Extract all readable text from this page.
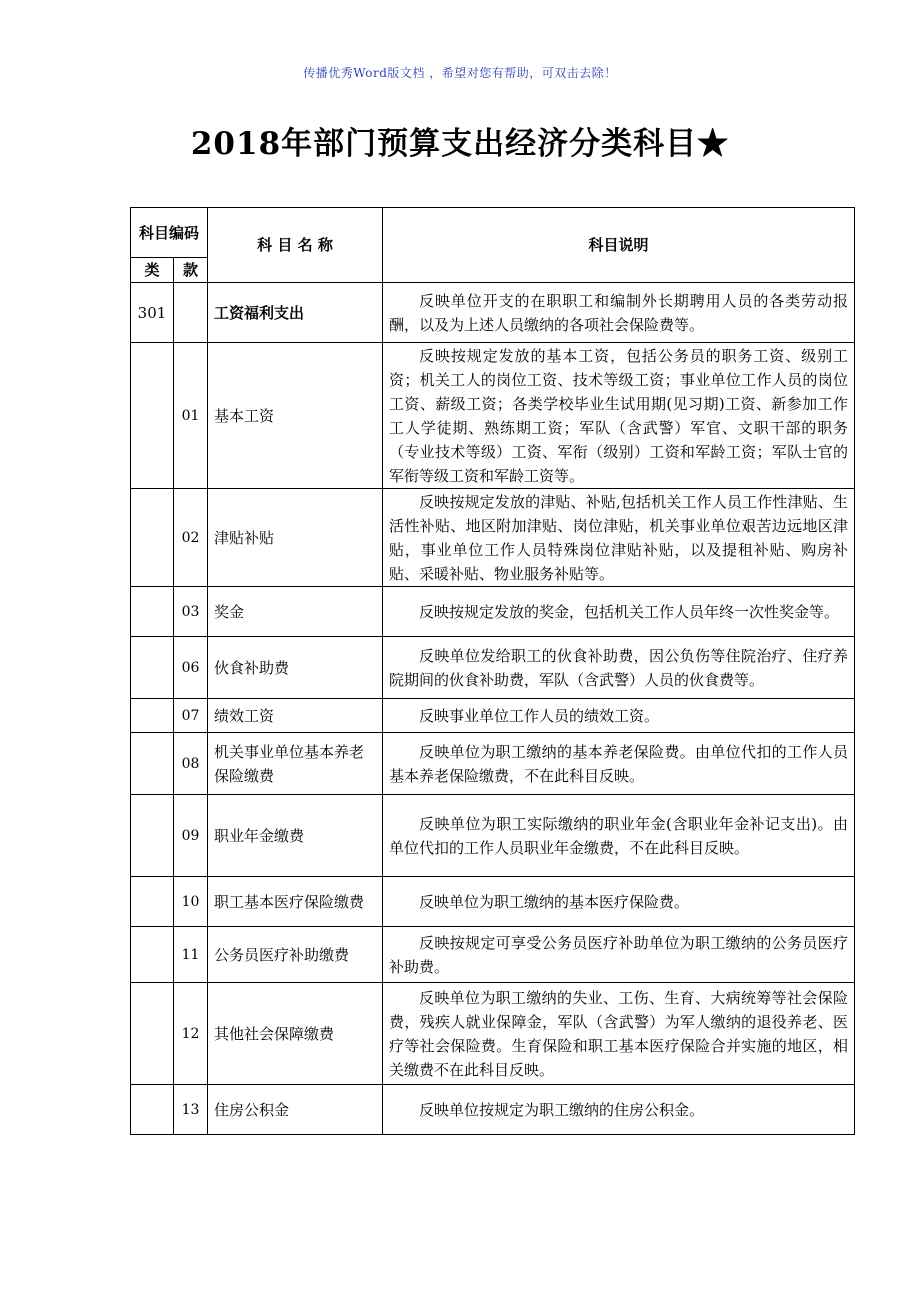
传播优秀Word版文档 ，希望对您有帮助，可双击去除！
2018年部门预算支出经济分类科目★
科目编码		科 目 名 称	科目说明
类	款		
301		工资福利支出	反映单位开支的在职职工和编制外长期聘用人员的各类劳动报酬，以及为上述人员缴纳的各项社会保险费等。
	01	基本工资	反映按规定发放的基本工资，包括公务员的职务工资、级别工资；机关工人的岗位工资、技术等级工资；事业单位工作人员的岗位工资、薪级工资；各类学校毕业生试用期(见习期)工资、新参加工作工人学徒期、熟练期工资；军队（含武警）军官、文职干部的职务（专业技术等级）工资、军衔（级别）工资和军龄工资；军队士官的军衔等级工资和军龄工资等。
	02	津贴补贴	反映按规定发放的津贴、补贴,包括机关工作人员工作性津贴、生活性补贴、地区附加津贴、岗位津贴，机关事业单位艰苦边远地区津贴，事业单位工作人员特殊岗位津贴补贴，以及提租补贴、购房补贴、采暖补贴、物业服务补贴等。
	03	奖金	反映按规定发放的奖金，包括机关工作人员年终一次性奖金等。
	06	伙食补助费	反映单位发给职工的伙食补助费，因公负伤等住院治疗、住疗养院期间的伙食补助费，军队（含武警）人员的伙食费等。
	07	绩效工资	反映事业单位工作人员的绩效工资。
	08	机关事业单位基本养老保险缴费	反映单位为职工缴纳的基本养老保险费。由单位代扣的工作人员基本养老保险缴费，不在此科目反映。
	09	职业年金缴费	反映单位为职工实际缴纳的职业年金(含职业年金补记支出)。由单位代扣的工作人员职业年金缴费，不在此科目反映。
	10	职工基本医疗保险缴费	反映单位为职工缴纳的基本医疗保险费。
	11	公务员医疗补助缴费	反映按规定可享受公务员医疗补助单位为职工缴纳的公务员医疗补助费。
	12	其他社会保障缴费	反映单位为职工缴纳的失业、工伤、生育、大病统筹等社会保险费，残疾人就业保障金，军队（含武警）为军人缴纳的退役养老、医疗等社会保险费。生育保险和职工基本医疗保险合并实施的地区，相关缴费不在此科目反映。
	13	住房公积金	反映单位按规定为职工缴纳的住房公积金。
